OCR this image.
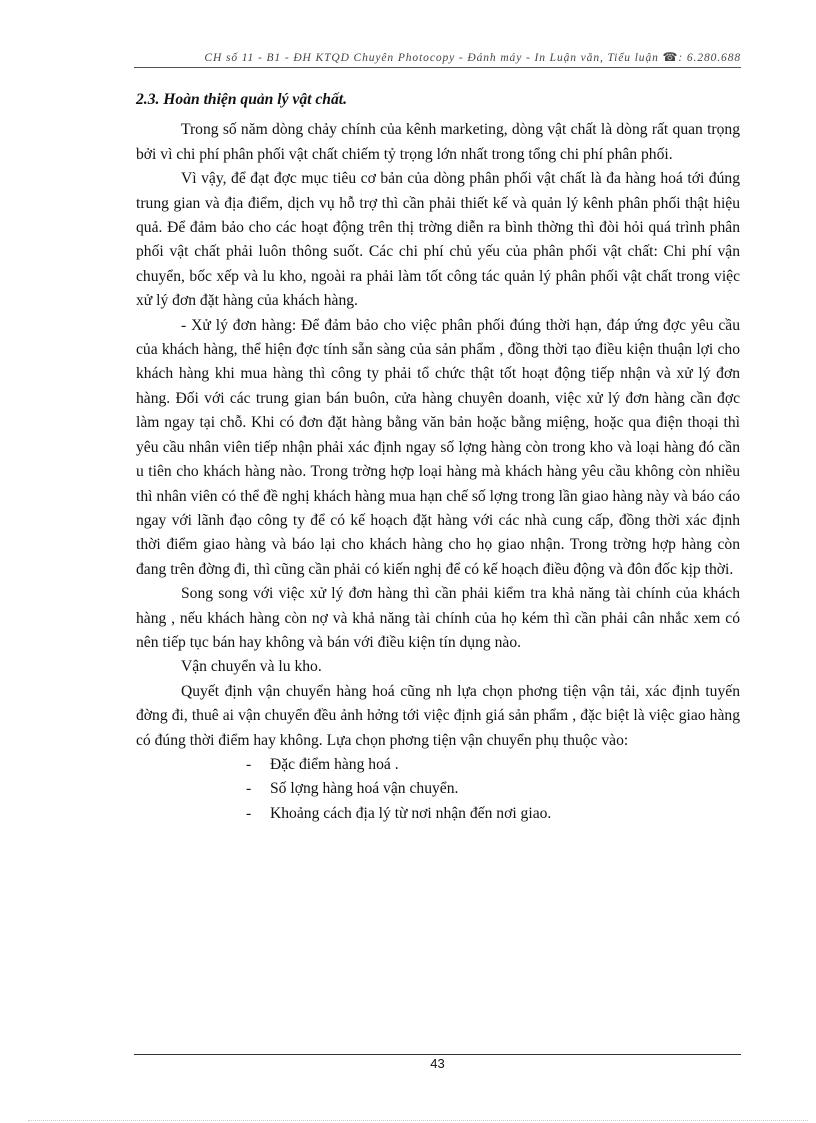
CH số 11 - B1 - ĐH KTQD Chuyên Photocopy - Đánh máy - In Luận văn, Tiểu luận ☎: 6.280.688

2.3. Hoàn thiện quản lý vật chất.

Trong số năm dòng chảy chính của kênh marketing, dòng vật chất là dòng rất quan trọng bởi vì chi phí phân phối vật chất chiếm tỷ trọng lớn nhất trong tổng chi phí phân phối.

Vì vậy, để đạt đợc mục tiêu cơ bản của dòng phân phối vật chất là đa hàng hoá tới đúng trung gian và địa điểm, dịch vụ hỗ trợ thì cần phải thiết kế và quản lý kênh phân phối thật hiệu quả. Để đảm bảo cho các hoạt động trên thị trờng diễn ra bình thờng thì đòi hỏi quá trình phân phối vật chất phải luôn thông suốt. Các chi phí chủ yếu của phân phối vật chất: Chi phí vận chuyển, bốc xếp và lu kho, ngoài ra phải làm tốt công tác quản lý phân phối vật chất trong việc xử lý đơn đặt hàng của khách hàng.

- Xử lý đơn hàng: Để đảm bảo cho việc phân phối đúng thời hạn, đáp ứng đợc yêu cầu của khách hàng, thể hiện đợc tính sẵn sàng của sản phẩm , đồng thời tạo điều kiện thuận lợi cho khách hàng khi mua hàng thì công ty phải tổ chức thật tốt hoạt động tiếp nhận và xử lý đơn hàng. Đối với các trung gian bán buôn, cửa hàng chuyên doanh, việc xử lý đơn hàng cần đợc làm ngay tại chỗ. Khi có đơn đặt hàng bằng văn bản hoặc bằng miệng, hoặc qua điện thoại thì yêu cầu nhân viên tiếp nhận phải xác định ngay số lợng hàng còn trong kho và loại hàng đó cần u tiên cho khách hàng nào. Trong trờng hợp loại hàng mà khách hàng yêu cầu không còn nhiều thì nhân viên có thể đề nghị khách hàng mua hạn chế số lợng trong lần giao hàng này và báo cáo ngay với lãnh đạo công ty để có kế hoạch đặt hàng với các nhà cung cấp, đồng thời xác định thời điểm giao hàng và báo lại cho khách hàng cho họ giao nhận. Trong trờng hợp hàng còn đang trên đờng đi, thì cũng cần phải có kiến nghị để có kế hoạch điều động và đôn đốc kịp thời.

Song song với việc xử lý đơn hàng thì cần phải kiểm tra khả năng tài chính của khách hàng , nếu khách hàng còn nợ và khả năng tài chính của họ kém thì cần phải cân nhắc xem có nên tiếp tục bán hay không và bán với điều kiện tín dụng nào.

Vận chuyển và lu kho.

Quyết định vận chuyển hàng hoá cũng nh lựa chọn phơng tiện vận tải, xác định tuyến đờng đi, thuê ai vận chuyển đều ảnh hởng tới việc định giá sản phẩm , đặc biệt là việc giao hàng có đúng thời điểm hay không. Lựa chọn phơng tiện vận chuyển phụ thuộc vào:

- Đặc điểm hàng hoá .
- Số lợng hàng hoá vận chuyển.
- Khoảng cách địa lý từ nơi nhận đến nơi giao.
43
